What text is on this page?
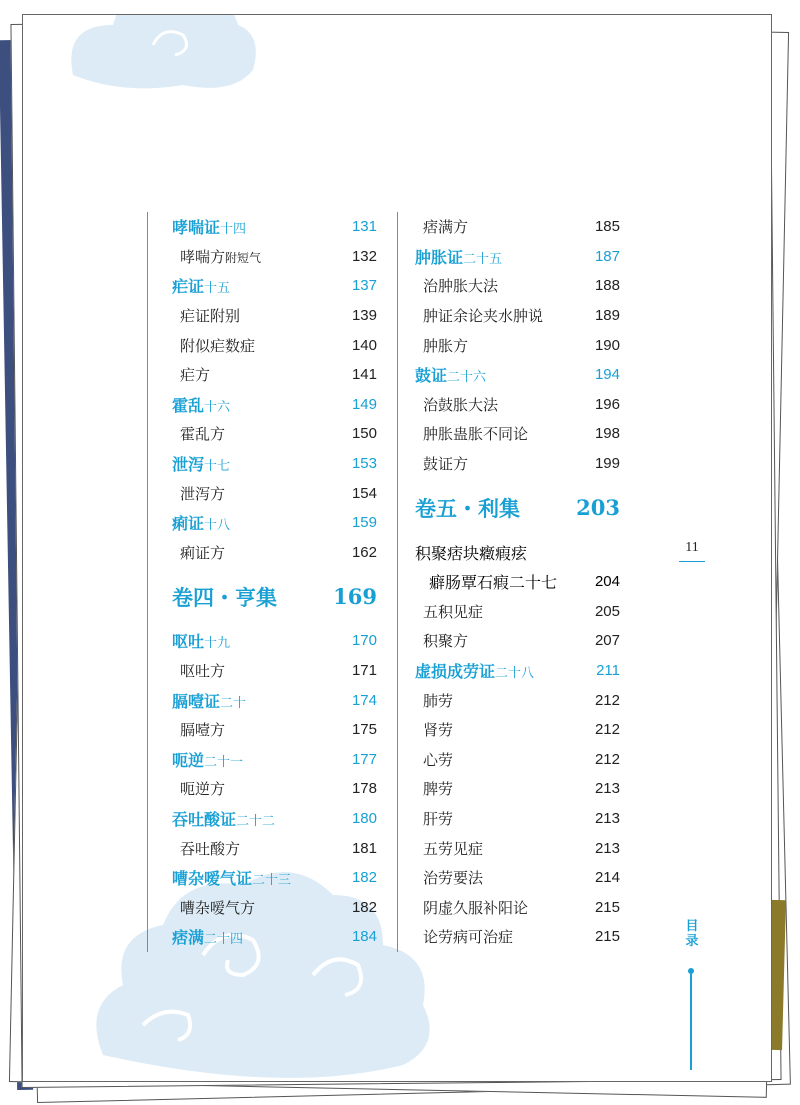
哮喘证十四	131
哮喘方附短气	132
疟证十五	137
疟证附别	139
附似疟数症	140
疟方	141
霍乱十六	149
霍乱方	150
泄泻十七	153
泄泻方	154
痢证十八	159
痢证方	162
卷四・亨集	169
呕吐十九	170
呕吐方	171
膈噎证二十	174
膈噎方	175
呃逆二十一	177
呃逆方	178
吞吐酸证二十二	180
吞吐酸方	181
嘈杂嗳气证二十三	182
嘈杂嗳气方	182
痞满二十四	184
痞满方	185
肿胀证二十五	187
治肿胀大法	188
肿证余论夹水肿说	189
肿胀方	190
鼓证二十六	194
治鼓胀大法	196
肿胀蛊胀不同论	198
鼓证方	199
卷五・利集	203
积聚痞块癥瘕痃
癖肠覃石瘕二十七	204
五积见症	205
积聚方	207
虚损成劳证二十八	211
肺劳	212
肾劳	212
心劳	212
脾劳	213
肝劳	213
五劳见症	213
治劳要法	214
阴虚久服补阳论	215
论劳病可治症	215
11
目录
